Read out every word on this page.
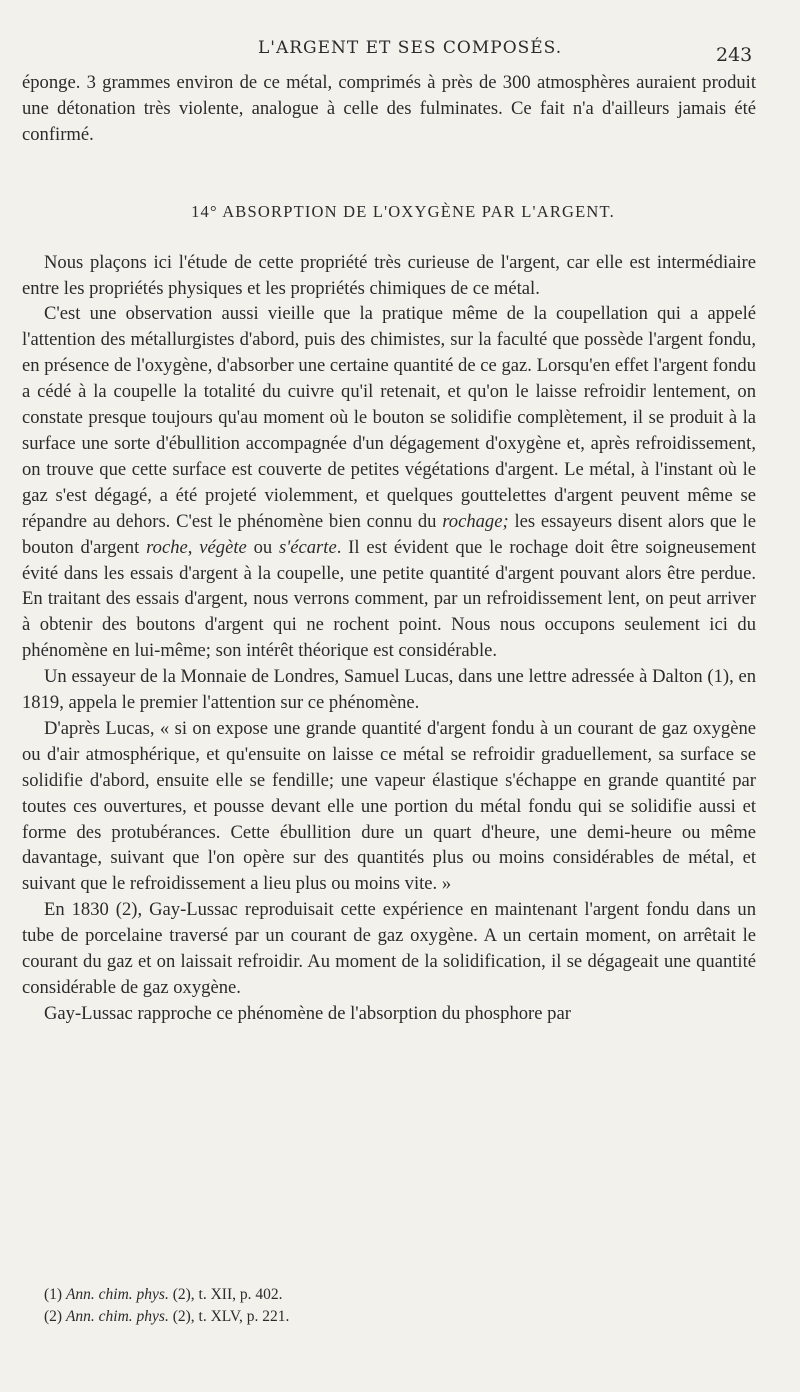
L'ARGENT ET SES COMPOSÉS.	243

éponge. 3 grammes environ de ce métal, comprimés à près de 300 atmosphères auraient produit une détonation très violente, analogue à celle des fulminates. Ce fait n'a d'ailleurs jamais été confirmé.

14° ABSORPTION DE L'OXYGÈNE PAR L'ARGENT.

Nous plaçons ici l'étude de cette propriété très curieuse de l'argent, car elle est intermédiaire entre les propriétés physiques et les propriétés chimiques de ce métal.

C'est une observation aussi vieille que la pratique même de la coupellation qui a appelé l'attention des métallurgistes d'abord, puis des chimistes, sur la faculté que possède l'argent fondu, en présence de l'oxygène, d'absorber une certaine quantité de ce gaz. Lorsqu'en effet l'argent fondu a cédé à la coupelle la totalité du cuivre qu'il retenait, et qu'on le laisse refroidir lentement, on constate presque toujours qu'au moment où le bouton se solidifie complètement, il se produit à la surface une sorte d'ébullition accompagnée d'un dégagement d'oxygène et, après refroidissement, on trouve que cette surface est couverte de petites végétations d'argent. Le métal, à l'instant où le gaz s'est dégagé, a été projeté violemment, et quelques gouttelettes d'argent peuvent même se répandre au dehors. C'est le phénomène bien connu du rochage; les essayeurs disent alors que le bouton d'argent roche, végète ou s'écarte. Il est évident que le rochage doit être soigneusement évité dans les essais d'argent à la coupelle, une petite quantité d'argent pouvant alors être perdue. En traitant des essais d'argent, nous verrons comment, par un refroidissement lent, on peut arriver à obtenir des boutons d'argent qui ne rochent point. Nous nous occupons seulement ici du phénomène en lui-même; son intérêt théorique est considérable.

Un essayeur de la Monnaie de Londres, Samuel Lucas, dans une lettre adressée à Dalton (1), en 1819, appela le premier l'attention sur ce phénomène.

D'après Lucas, « si on expose une grande quantité d'argent fondu à un courant de gaz oxygène ou d'air atmosphérique, et qu'ensuite on laisse ce métal se refroidir graduellement, sa surface se solidifie d'abord, ensuite elle se fendille; une vapeur élastique s'échappe en grande quantité par toutes ces ouvertures, et pousse devant elle une portion du métal fondu qui se solidifie aussi et forme des protubérances. Cette ébullition dure un quart d'heure, une demi-heure ou même davantage, suivant que l'on opère sur des quantités plus ou moins considérables de métal, et suivant que le refroidissement a lieu plus ou moins vite. »

En 1830 (2), Gay-Lussac reproduisait cette expérience en maintenant l'argent fondu dans un tube de porcelaine traversé par un courant de gaz oxygène. A un certain moment, on arrêtait le courant du gaz et on laissait refroidir. Au moment de la solidification, il se dégageait une quantité considérable de gaz oxygène.

Gay-Lussac rapproche ce phénomène de l'absorption du phosphore par

(1) Ann. chim. phys. (2), t. XII, p. 402.

(2) Ann. chim. phys. (2), t. XLV, p. 221.
